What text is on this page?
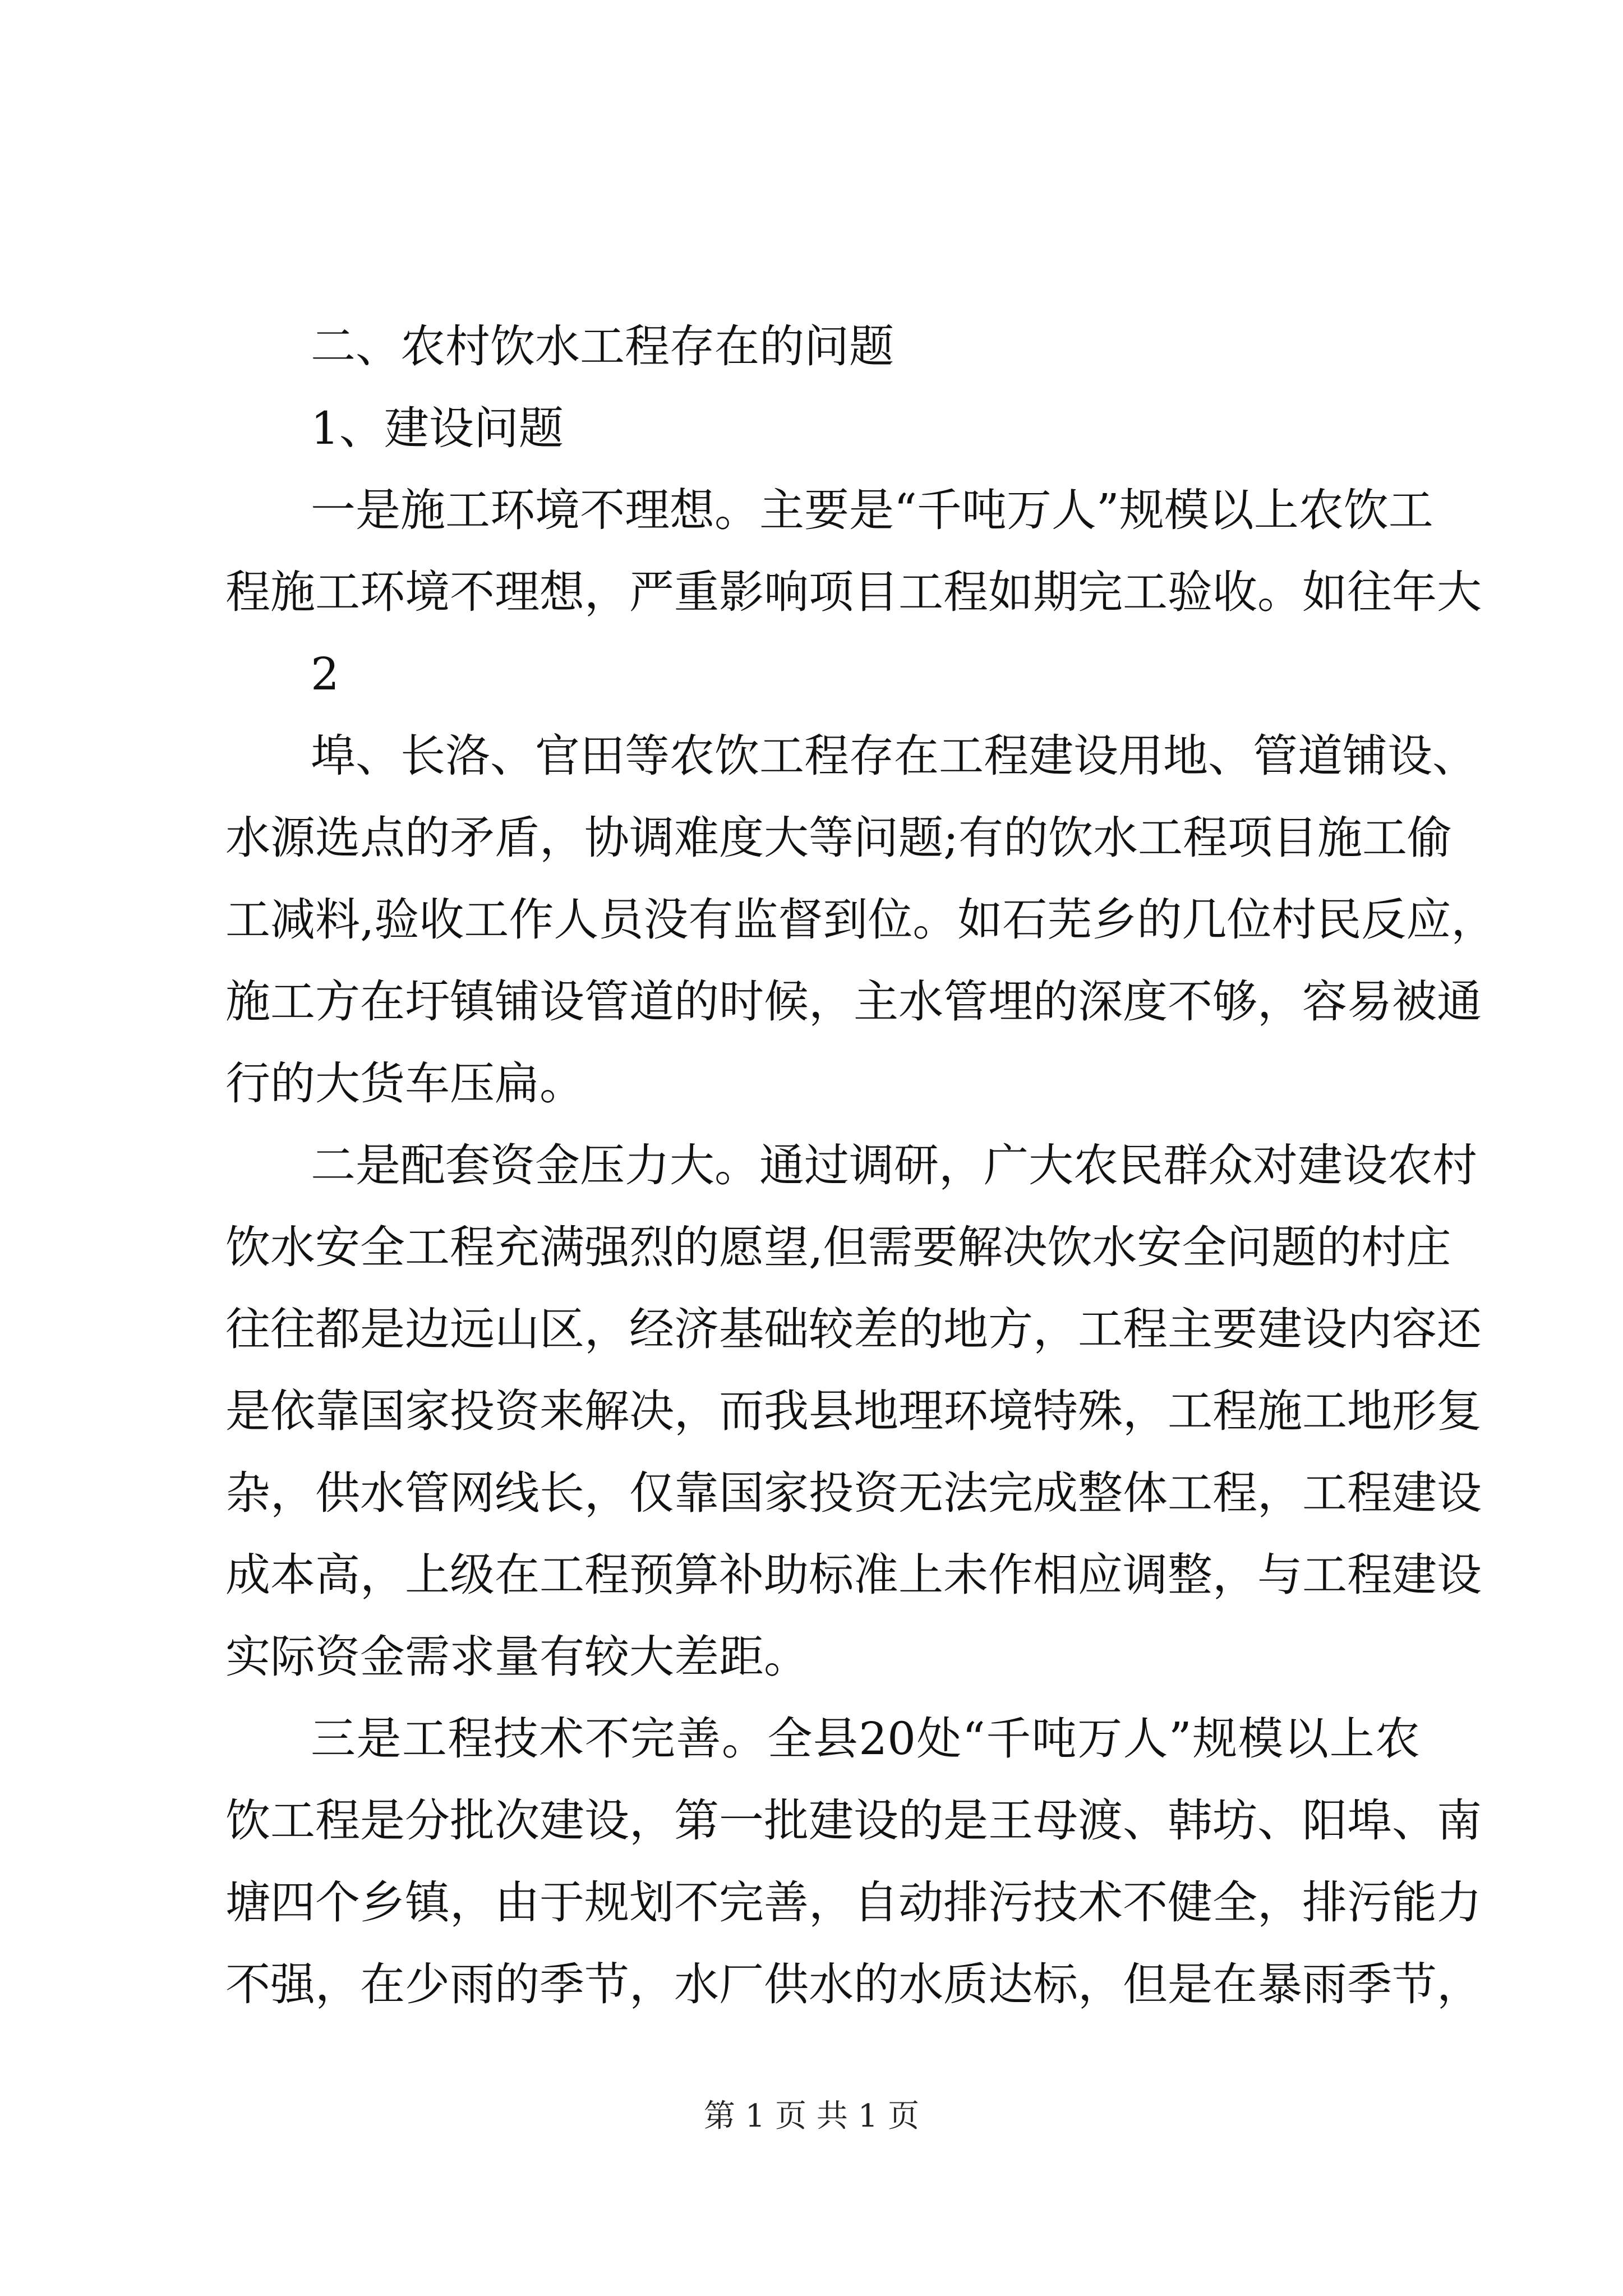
二、农村饮水工程存在的问题

1、建设问题

一是施工环境不理想。主要是“千吨万人”规模以上农饮工

程施工环境不理想，严重影响项目工程如期完工验收。如往年大

2

埠、长洛、官田等农饮工程存在工程建设用地、管道铺设、

水源选点的矛盾，协调难度大等问题;有的饮水工程项目施工偷

工减料,验收工作人员没有监督到位。如石芜乡的几位村民反应，

施工方在圩镇铺设管道的时候，主水管埋的深度不够，容易被通

行的大货车压扁。

二是配套资金压力大。通过调研，广大农民群众对建设农村

饮水安全工程充满强烈的愿望,但需要解决饮水安全问题的村庄

往往都是边远山区，经济基础较差的地方，工程主要建设内容还

是依靠国家投资来解决，而我县地理环境特殊，工程施工地形复

杂，供水管网线长，仅靠国家投资无法完成整体工程，工程建设

成本高，上级在工程预算补助标准上未作相应调整，与工程建设

实际资金需求量有较大差距。

三是工程技术不完善。全县20处“千吨万人”规模以上农

饮工程是分批次建设，第一批建设的是王母渡、韩坊、阳埠、南

塘四个乡镇，由于规划不完善，自动排污技术不健全，排污能力

不强，在少雨的季节，水厂供水的水质达标，但是在暴雨季节，

第 1 页 共 1 页
